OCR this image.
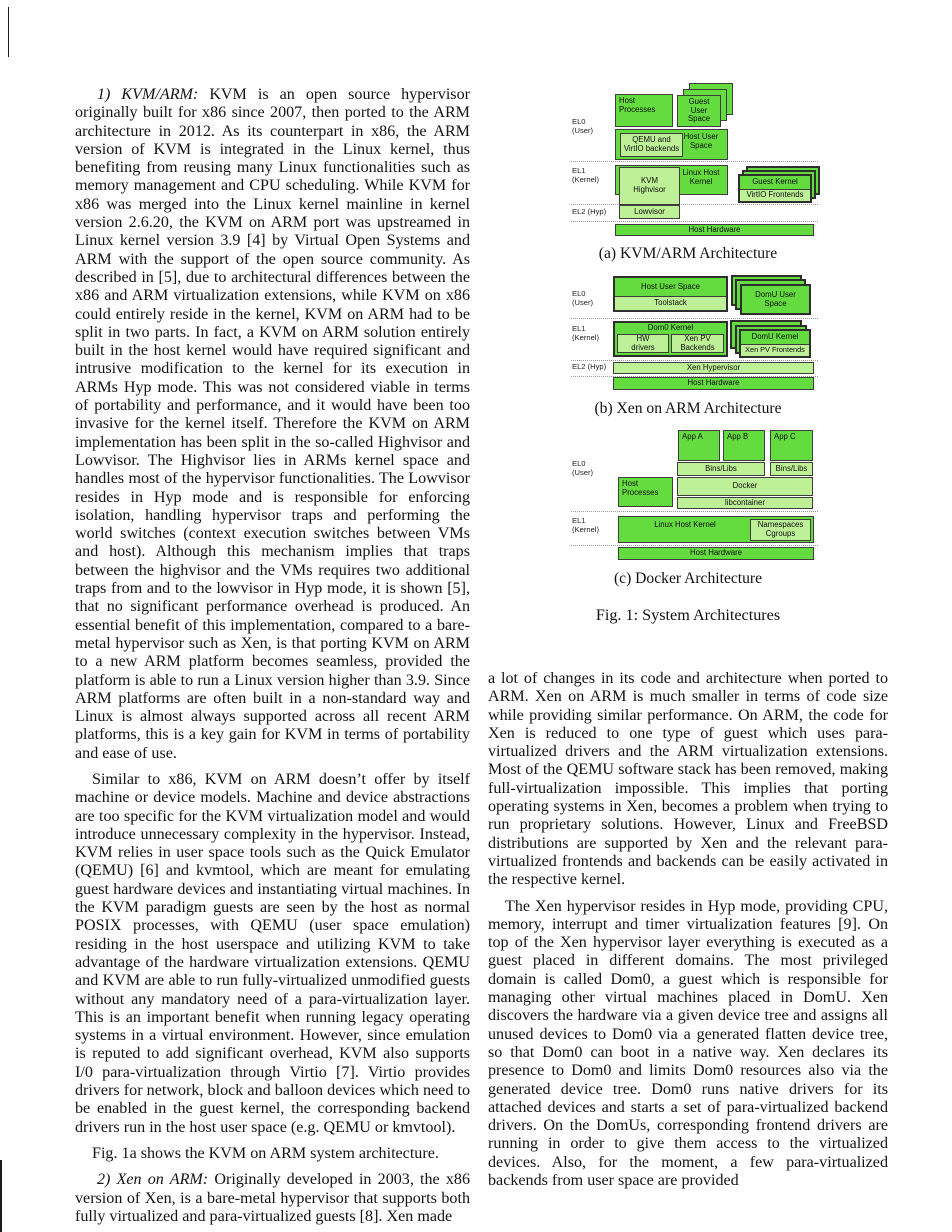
1) KVM/ARM: KVM is an open source hypervisor originally built for x86 since 2007, then ported to the ARM architecture in 2012. As its counterpart in x86, the ARM version of KVM is integrated in the Linux kernel, thus benefiting from reusing many Linux functionalities such as memory management and CPU scheduling. While KVM for x86 was merged into the Linux kernel mainline in kernel version 2.6.20, the KVM on ARM port was upstreamed in Linux kernel version 3.9 [4] by Virtual Open Systems and ARM with the support of the open source community. As described in [5], due to architectural differences between the x86 and ARM virtualization extensions, while KVM on x86 could entirely reside in the kernel, KVM on ARM had to be split in two parts. In fact, a KVM on ARM solution entirely built in the host kernel would have required significant and intrusive modification to the kernel for its execution in ARMs Hyp mode. This was not considered viable in terms of portability and performance, and it would have been too invasive for the kernel itself. Therefore the KVM on ARM implementation has been split in the so-called Highvisor and Lowvisor. The Highvisor lies in ARMs kernel space and handles most of the hypervisor functionalities. The Lowvisor resides in Hyp mode and is responsible for enforcing isolation, handling hypervisor traps and performing the world switches (context execution switches between VMs and host). Although this mechanism implies that traps between the highvisor and the VMs requires two additional traps from and to the lowvisor in Hyp mode, it is shown [5], that no significant performance overhead is produced. An essential benefit of this implementation, compared to a bare-metal hypervisor such as Xen, is that porting KVM on ARM to a new ARM platform becomes seamless, provided the platform is able to run a Linux version higher than 3.9. Since ARM platforms are often built in a non-standard way and Linux is almost always supported across all recent ARM platforms, this is a key gain for KVM in terms of portability and ease of use.

Similar to x86, KVM on ARM doesn’t offer by itself machine or device models. Machine and device abstractions are too specific for the KVM virtualization model and would introduce unnecessary complexity in the hypervisor. Instead, KVM relies in user space tools such as the Quick Emulator (QEMU) [6] and kvmtool, which are meant for emulating guest hardware devices and instantiating virtual machines. In the KVM paradigm guests are seen by the host as normal POSIX processes, with QEMU (user space emulation) residing in the host userspace and utilizing KVM to take advantage of the hardware virtualization extensions. QEMU and KVM are able to run fully-virtualized unmodified guests without any mandatory need of a para-virtualization layer. This is an important benefit when running legacy operating systems in a virtual environment. However, since emulation is reputed to add significant overhead, KVM also supports I/0 para-virtualization through Virtio [7]. Virtio provides drivers for network, block and balloon devices which need to be enabled in the guest kernel, the corresponding backend drivers run in the host user space (e.g. QEMU or kmvtool).

Fig. 1a shows the KVM on ARM system architecture.

2) Xen on ARM: Originally developed in 2003, the x86 version of Xen, is a bare-metal hypervisor that supports both fully virtualized and para-virtualized guests [8]. Xen made

a lot of changes in its code and architecture when ported to ARM. Xen on ARM is much smaller in terms of code size while providing similar performance. On ARM, the code for Xen is reduced to one type of guest which uses para-virtualized drivers and the ARM virtualization extensions. Most of the QEMU software stack has been removed, making full-virtualization impossible. This implies that porting operating systems in Xen, becomes a problem when trying to run proprietary solutions. However, Linux and FreeBSD distributions are supported by Xen and the relevant para-virtualized frontends and backends can be easily activated in the respective kernel.

The Xen hypervisor resides in Hyp mode, providing CPU, memory, interrupt and timer virtualization features [9]. On top of the Xen hypervisor layer everything is executed as a guest placed in different domains. The most privileged domain is called Dom0, a guest which is responsible for managing other virtual machines placed in DomU. Xen discovers the hardware via a given device tree and assigns all unused devices to Dom0 via a generated flatten device tree, so that Dom0 can boot in a native way. Xen declares its presence to Dom0 and limits Dom0 resources also via the generated device tree. Dom0 runs native drivers for its attached devices and starts a set of para-virtualized backend drivers. On the DomUs, corresponding frontend drivers are running in order to give them access to the virtualized devices. Also, for the moment, a few para-virtualized backends from user space are provided

EL0
(User)
EL1
(Kernel)
EL2 (Hyp)
Host Processes
Guest User Space
Host User Space
QEMU and VirtIO backends
Linux Host Kernel
KVM Highvisor
Lowvisor
Guest Kernel
VirtIO Frontends
Host Hardware
(a) KVM/ARM Architecture
EL0
(User)
EL1
(Kernel)
EL2 (Hyp)
Host User Space
Toolstack
DomU User Space
Dom0 Kernel
HW drivers
Xen PV Backends
DomU Kernel
Xen PV Frontends
Xen Hypervisor
Host Hardware
(b) Xen on ARM Architecture
EL0
(User)
EL1
(Kernel)
App A	App B	App C
Bins/Libs	Bins/Libs
Host Processes
Docker
libcontainer
Linux Host Kernel	Namespaces Cgroups
Host Hardware
(c) Docker Architecture
Fig. 1: System Architectures
